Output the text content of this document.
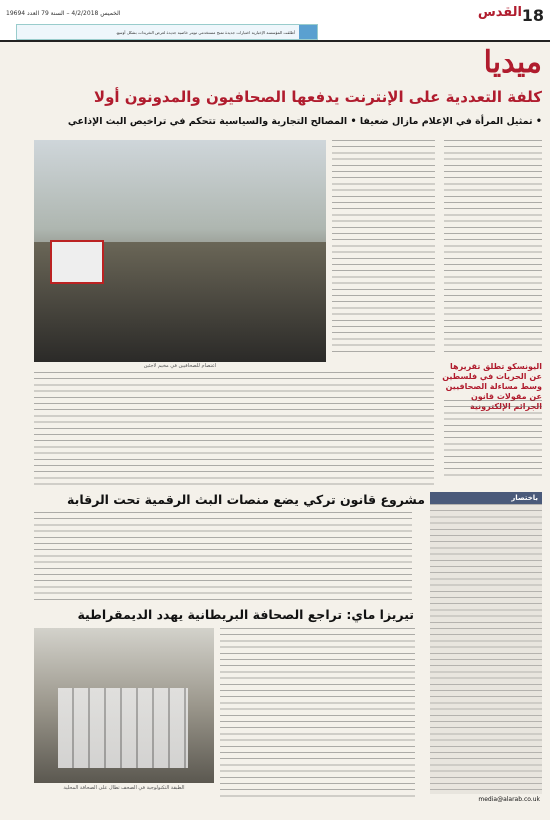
18
القدس
الخميس 4/2/2018 – السنة 79 العدد 19694
أطلقت المؤسسة الإخبارية اختبارات جديدة تمنح مستخدمي تويتر خاصية جديدة لعرض التغريدات بشكل أوسع.
ميديا
كلفة التعددية على الإنترنت يدفعها الصحافيون والمدونون أولا
• تمثيل المرأة في الإعلام مازال ضعيفا • المصالح التجارية والسياسية تتحكم في تراخيص البث الإذاعي
اعتصام للصحافيين في مخيم لاجئين	اليونسكو تطلق تقريرها عن الحريات في فلسطين وسط مساءلة الصحافيين عن مقولات قانون الجرائم الإلكترونية
مشروع قانون تركي يضع منصات البث الرقمية تحت الرقابة	باختصار
تيريزا ماي: تراجع الصحافة البريطانية يهدد الديمقراطية
الطبقة التكنولوجية في الصحف تطال على الصحافة المحلية
media@alarab.co.uk
